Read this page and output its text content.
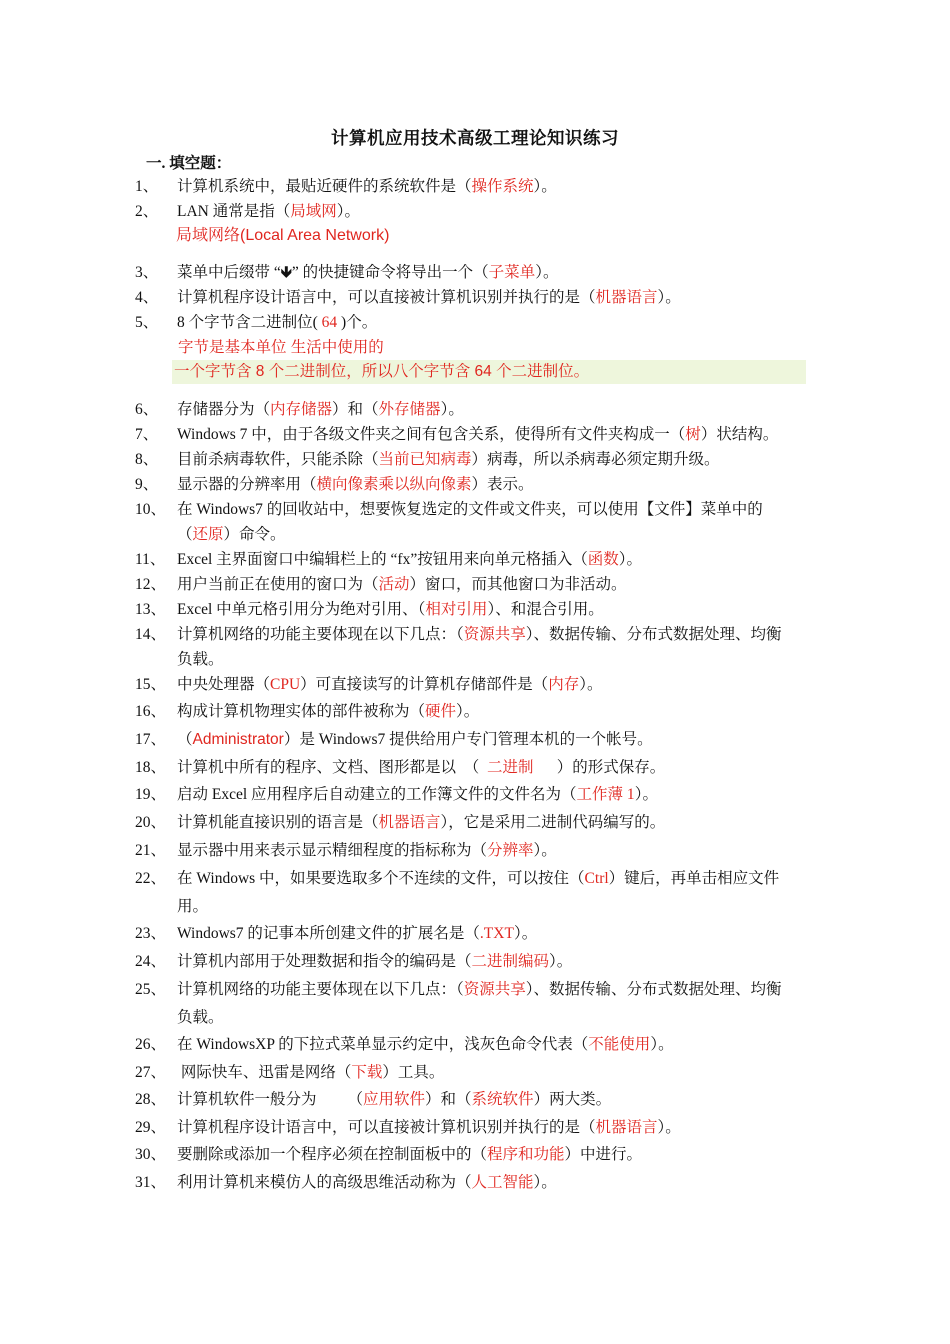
计算机应用技术高级工理论知识练习
一. 填空题：
1、	计算机系统中，最贴近硬件的系统软件是（操作系统）。
2、	LAN 通常是指（局域网）。
局域网络(Local Area Network)
3、	菜单中后缀带 “🡻” 的快捷键命令将导出一个（子菜单）。
4、	计算机程序设计语言中，可以直接被计算机识别并执行的是（机器语言）。
5、	8 个字节含二进制位( 64 )个。
字节是基本单位 生活中使用的
一个字节含 8 个二进制位，所以八个字节含 64 个二进制位。
6、	存储器分为（内存储器）和（外存储器）。
7、	Windows 7 中，由于各级文件夹之间有包含关系，使得所有文件夹构成一（树）状结构。
8、	目前杀病毒软件，只能杀除（当前已知病毒）病毒，所以杀病毒必须定期升级。
9、	显示器的分辨率用（横向像素乘以纵向像素）表示。
10、 在 Windows7 的回收站中，想要恢复选定的文件或文件夹，可以使用【文件】菜单中的
（还原）命令。
11、 Excel 主界面窗口中编辑栏上的 “fx”按钮用来向单元格插入（函数）。
12、 用户当前正在使用的窗口为（活动）窗口，而其他窗口为非活动。
13、 Excel 中单元格引用分为绝对引用、（相对引用）、和混合引用。
14、 计算机网络的功能主要体现在以下几点：（资源共享）、数据传输、分布式数据处理、均衡
负载。
15、 中央处理器（CPU）可直接读写的计算机存储部件是（内存）。
16、 构成计算机物理实体的部件被称为（硬件）。
17、 （Administrator）是 Windows7 提供给用户专门管理本机的一个帐号。
18、 计算机中所有的程序、文档、图形都是以  （  二进制      ）的形式保存。
19、 启动 Excel 应用程序后自动建立的工作簿文件的文件名为（工作薄 1）。
20、 计算机能直接识别的语言是（机器语言），它是采用二进制代码编写的。
21、 显示器中用来表示显示精细程度的指标称为（分辨率）。
22、 在 Windows 中，如果要选取多个不连续的文件，可以按住（Ctrl）键后，再单击相应文件
用。
23、 Windows7 的记事本所创建文件的扩展名是（.TXT）。
24、 计算机内部用于处理数据和指令的编码是（二进制编码）。
25、 计算机网络的功能主要体现在以下几点：（资源共享）、数据传输、分布式数据处理、均衡
负载。
26、 在 WindowsXP 的下拉式菜单显示约定中，浅灰色命令代表（不能使用）。
27、 网际快车、迅雷是网络（下载）工具。
28、 计算机软件一般分为        （应用软件）和（系统软件）两大类。
29、 计算机程序设计语言中，可以直接被计算机识别并执行的是（机器语言）。
30、 要删除或添加一个程序必须在控制面板中的（程序和功能）中进行。
31、 利用计算机来模仿人的高级思维活动称为（人工智能）。
